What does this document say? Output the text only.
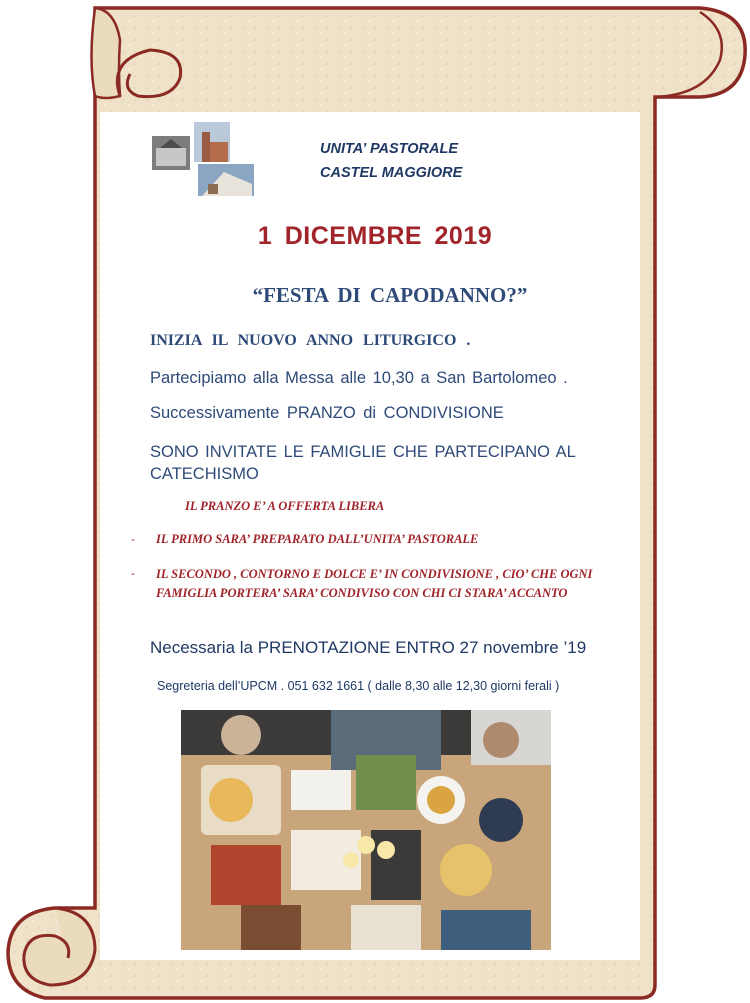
UNITA’ PASTORALE
CASTEL MAGGIORE
1 DICEMBRE 2019
“FESTA DI CAPODANNO?”
INIZIA IL NUOVO ANNO LITURGICO .
Partecipiamo alla Messa alle 10,30 a San Bartolomeo .
Successivamente PRANZO di CONDIVISIONE
SONO INVITATE LE FAMIGLIE CHE PARTECIPANO AL CATECHISMO
IL PRANZO E’ A OFFERTA LIBERA
- IL PRIMO SARA’ PREPARATO DALL’UNITA’ PASTORALE
- IL SECONDO , CONTORNO E DOLCE E’ IN CONDIVISIONE , CIO’ CHE OGNI FAMIGLIA PORTERA’ SARA’ CONDIVISO CON CHI CI STARA’ ACCANTO
Necessaria la PRENOTAZIONE ENTRO 27 novembre ’19
Segreteria dell’UPCM . 051 632 1661 ( dalle 8,30 alle 12,30 giorni ferali )
